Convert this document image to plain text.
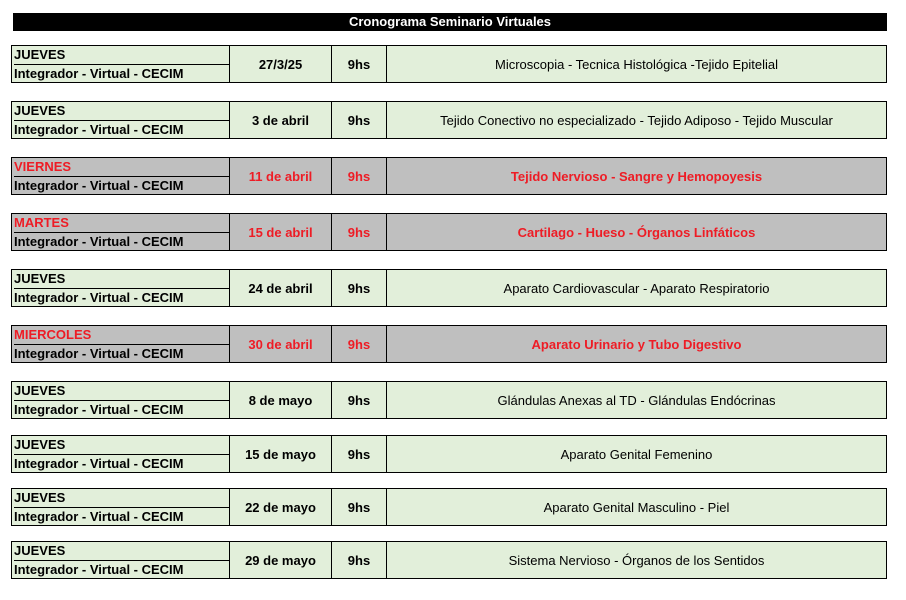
Cronograma Seminario Virtuales
JUEVES
Integrador - Virtual - CECIM
27/3/25	9hs	Microscopia - Tecnica Histológica -Tejido Epitelial
JUEVES
Integrador - Virtual - CECIM
3 de abril	9hs	Tejido Conectivo no especializado - Tejido Adiposo - Tejido Muscular
VIERNES
Integrador - Virtual - CECIM
11 de abril	9hs	Tejido Nervioso - Sangre y Hemopoyesis
MARTES
Integrador - Virtual - CECIM
15 de abril	9hs	Cartilago - Hueso - Órganos Linfáticos
JUEVES
Integrador - Virtual - CECIM
24 de abril	9hs	Aparato Cardiovascular - Aparato Respiratorio
MIERCOLES
Integrador - Virtual - CECIM
30 de abril	9hs	Aparato Urinario y Tubo Digestivo
JUEVES
Integrador - Virtual - CECIM
8 de mayo	9hs	Glándulas Anexas al TD - Glándulas Endócrinas
JUEVES
Integrador - Virtual - CECIM
15 de mayo	9hs	Aparato Genital Femenino
JUEVES
Integrador - Virtual - CECIM
22 de mayo	9hs	Aparato Genital Masculino - Piel
JUEVES
Integrador - Virtual - CECIM
29 de mayo	9hs	Sistema Nervioso - Órganos de los Sentidos
